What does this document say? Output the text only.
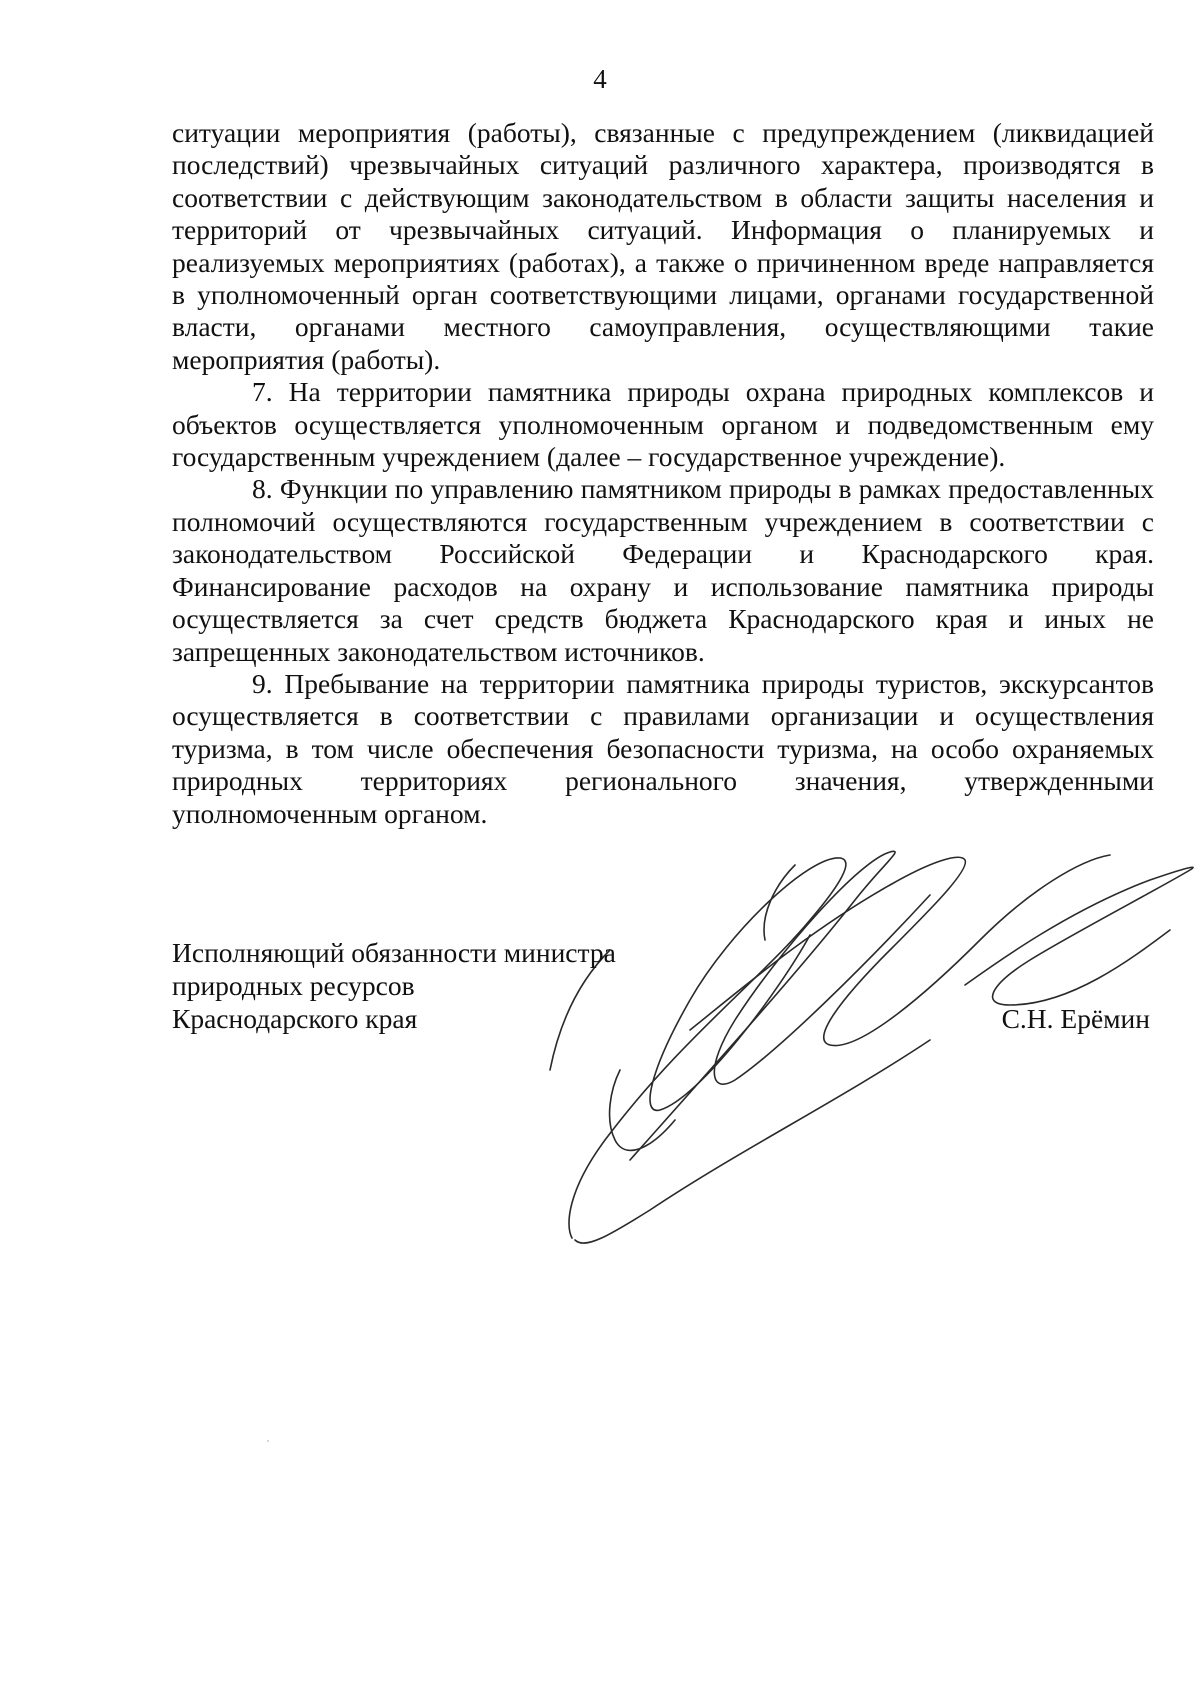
4

ситуации мероприятия (работы), связанные с предупреждением (ликвидацией последствий) чрезвычайных ситуаций различного характера, производятся в соответствии с действующим законодательством в области защиты населения и территорий от чрезвычайных ситуаций. Информация о планируемых и реализуемых мероприятиях (работах), а также о причиненном вреде направляется в уполномоченный орган соответствующими лицами, органами государственной власти, органами местного самоуправления, осуществляющими такие мероприятия (работы).

7. На территории памятника природы охрана природных комплексов и объектов осуществляется уполномоченным органом и подведомственным ему государственным учреждением (далее – государственное учреждение).

8. Функции по управлению памятником природы в рамках предоставленных полномочий осуществляются государственным учреждением в соответствии с законодательством Российской Федерации и Краснодарского края. Финансирование расходов на охрану и использование памятника природы осуществляется за счет средств бюджета Краснодарского края и иных не запрещенных законодательством источников.

9. Пребывание на территории памятника природы туристов, экскурсантов осуществляется в соответствии с правилами организации и осуществления туризма, в том числе обеспечения безопасности туризма, на особо охраняемых природных территориях регионального значения, утвержденными уполномоченным органом.

Исполняющий обязанности министра
природных ресурсов
Краснодарского края	С.Н. Ерёмин
